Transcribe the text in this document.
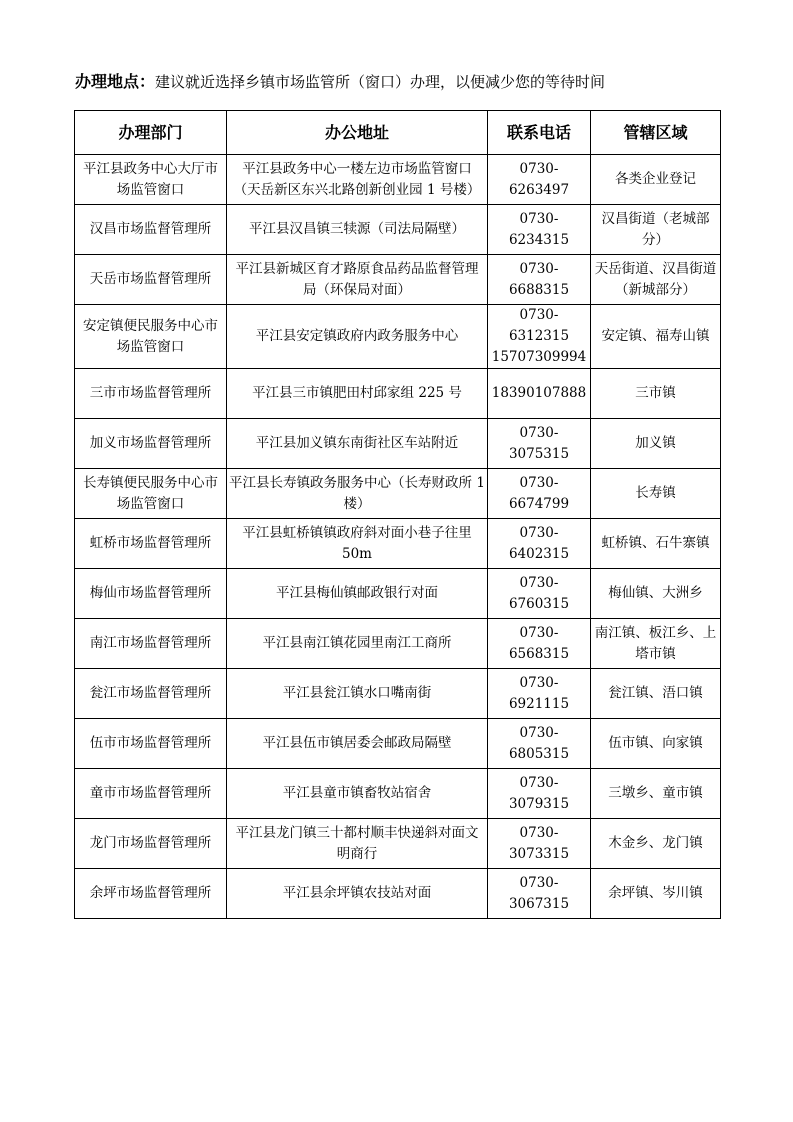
办理地点：建议就近选择乡镇市场监管所（窗口）办理，以便减少您的等待时间
办理部门	办公地址	联系电话	管辖区域
平江县政务中心大厅市场监管窗口	平江县政务中心一楼左边市场监管窗口（天岳新区东兴北路创新创业园 1 号楼）	0730-6263497	各类企业登记
汉昌市场监督管理所	平江县汉昌镇三犊源（司法局隔壁）	0730-6234315	汉昌街道（老城部分）
天岳市场监督管理所	平江县新城区育才路原食品药品监督管理局（环保局对面）	0730-6688315	天岳街道、汉昌街道（新城部分）
安定镇便民服务中心市场监管窗口	平江县安定镇政府内政务服务中心	0730-6312315 15707309994	安定镇、福寿山镇
三市市场监督管理所	平江县三市镇肥田村邱家组 225 号	18390107888	三市镇
加义市场监督管理所	平江县加义镇东南街社区车站附近	0730-3075315	加义镇
长寿镇便民服务中心市场监管窗口	平江县长寿镇政务服务中心（长寿财政所 1 楼）	0730-6674799	长寿镇
虹桥市场监督管理所	平江县虹桥镇镇政府斜对面小巷子往里 50m	0730-6402315	虹桥镇、石牛寨镇
梅仙市场监督管理所	平江县梅仙镇邮政银行对面	0730-6760315	梅仙镇、大洲乡
南江市场监督管理所	平江县南江镇花园里南江工商所	0730-6568315	南江镇、板江乡、上塔市镇
瓮江市场监督管理所	平江县瓮江镇水口嘴南街	0730-6921115	瓮江镇、浯口镇
伍市市场监督管理所	平江县伍市镇居委会邮政局隔壁	0730-6805315	伍市镇、向家镇
童市市场监督管理所	平江县童市镇畜牧站宿舍	0730-3079315	三墩乡、童市镇
龙门市场监督管理所	平江县龙门镇三十都村顺丰快递斜对面文明商行	0730-3073315	木金乡、龙门镇
余坪市场监督管理所	平江县余坪镇农技站对面	0730-3067315	余坪镇、岑川镇
